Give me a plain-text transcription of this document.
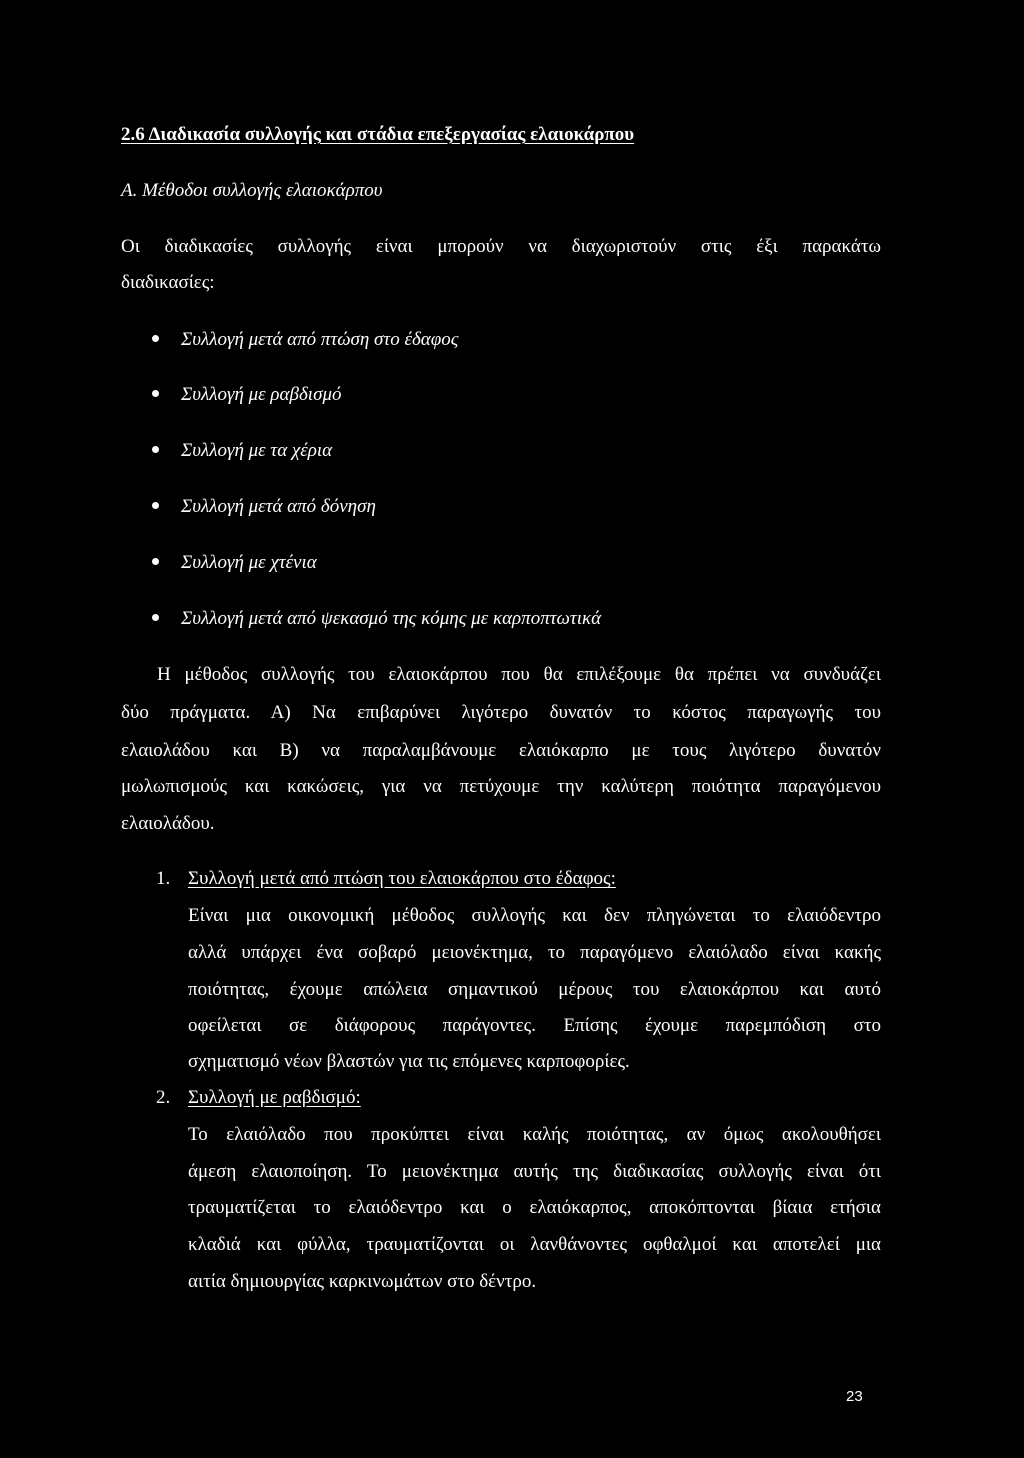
2.6 Διαδικασία συλλογής και στάδια επεξεργασίας ελαιοκάρπου
Α. Μέθοδοι συλλογής ελαιοκάρπου
Οι διαδικασίες συλλογής είναι μπορούν να διαχωριστούν στις έξι παρακάτω
διαδικασίες:
Συλλογή μετά από πτώση στο έδαφος
Συλλογή με ραβδισμό
Συλλογή με τα χέρια
Συλλογή μετά από δόνηση
Συλλογή με χτένια
Συλλογή μετά από ψεκασμό της κόμης με καρποπτωτικά
Η μέθοδος συλλογής του ελαιοκάρπου που θα επιλέξουμε θα πρέπει να συνδυάζει
δύο πράγματα. Α) Να επιβαρύνει λιγότερο δυνατόν το κόστος παραγωγής του
ελαιολάδου και Β) να παραλαμβάνουμε ελαιόκαρπο με τους λιγότερο δυνατόν
μωλωπισμούς και κακώσεις, για να πετύχουμε την καλύτερη ποιότητα παραγόμενου
ελαιολάδου.
1. Συλλογή μετά από πτώση του ελαιοκάρπου στο έδαφος:
Είναι μια οικονομική μέθοδος συλλογής και δεν πληγώνεται το ελαιόδεντρο
αλλά υπάρχει ένα σοβαρό μειονέκτημα, το παραγόμενο ελαιόλαδο είναι κακής
ποιότητας, έχουμε απώλεια σημαντικού μέρους του ελαιοκάρπου και αυτό
οφείλεται σε διάφορους παράγοντες. Επίσης έχουμε παρεμπόδιση στο
σχηματισμό νέων βλαστών για τις επόμενες καρποφορίες.
2. Συλλογή με ραβδισμό:
Το ελαιόλαδο που προκύπτει είναι καλής ποιότητας, αν όμως ακολουθήσει
άμεση ελαιοποίηση. Το μειονέκτημα αυτής της διαδικασίας συλλογής είναι ότι
τραυματίζεται το ελαιόδεντρο και ο ελαιόκαρπος, αποκόπτονται βίαια ετήσια
κλαδιά και φύλλα, τραυματίζονται οι λανθάνοντες οφθαλμοί και αποτελεί μια
αιτία δημιουργίας καρκινωμάτων στο δέντρο.
23
